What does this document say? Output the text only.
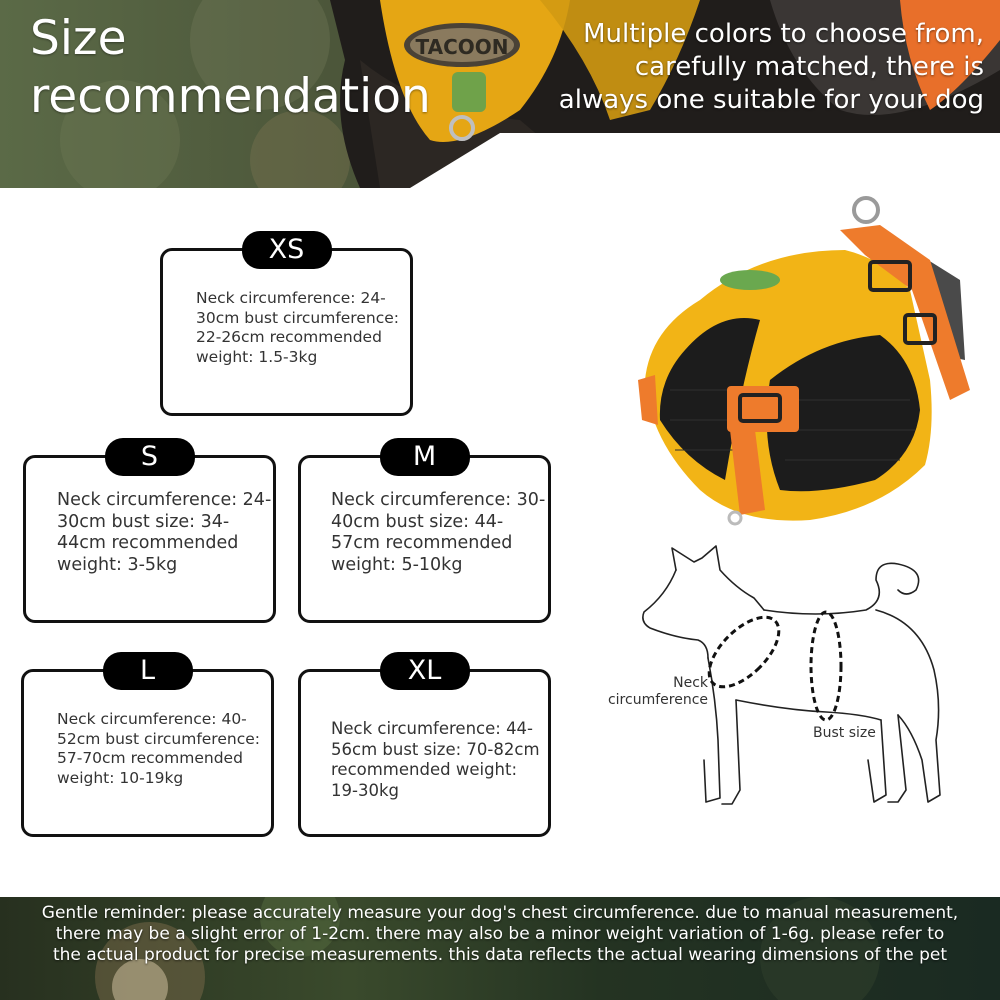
TACOON
Size
recommendation
Multiple colors to choose from,
carefully matched, there is
always one suitable for your dog
XS
Neck circumference: 24-30cm bust circumference: 22-26cm recommended weight: 1.5-3kg
S
Neck circumference: 24-30cm bust size: 34-44cm recommended weight: 3-5kg
M
Neck circumference: 30-40cm bust size: 44-57cm recommended weight: 5-10kg
L
Neck circumference: 40-52cm bust circumference: 57-70cm recommended weight: 10-19kg
XL
Neck circumference: 44-56cm bust size: 70-82cm recommended weight: 19-30kg
Neck
circumference
Bust size
Gentle reminder: please accurately measure your dog's chest circumference. due to manual measurement, there may be a slight error of 1-2cm. there may also be a minor weight variation of 1-6g. please refer to the actual product for precise measurements. this data reflects the actual wearing dimensions of the pet
